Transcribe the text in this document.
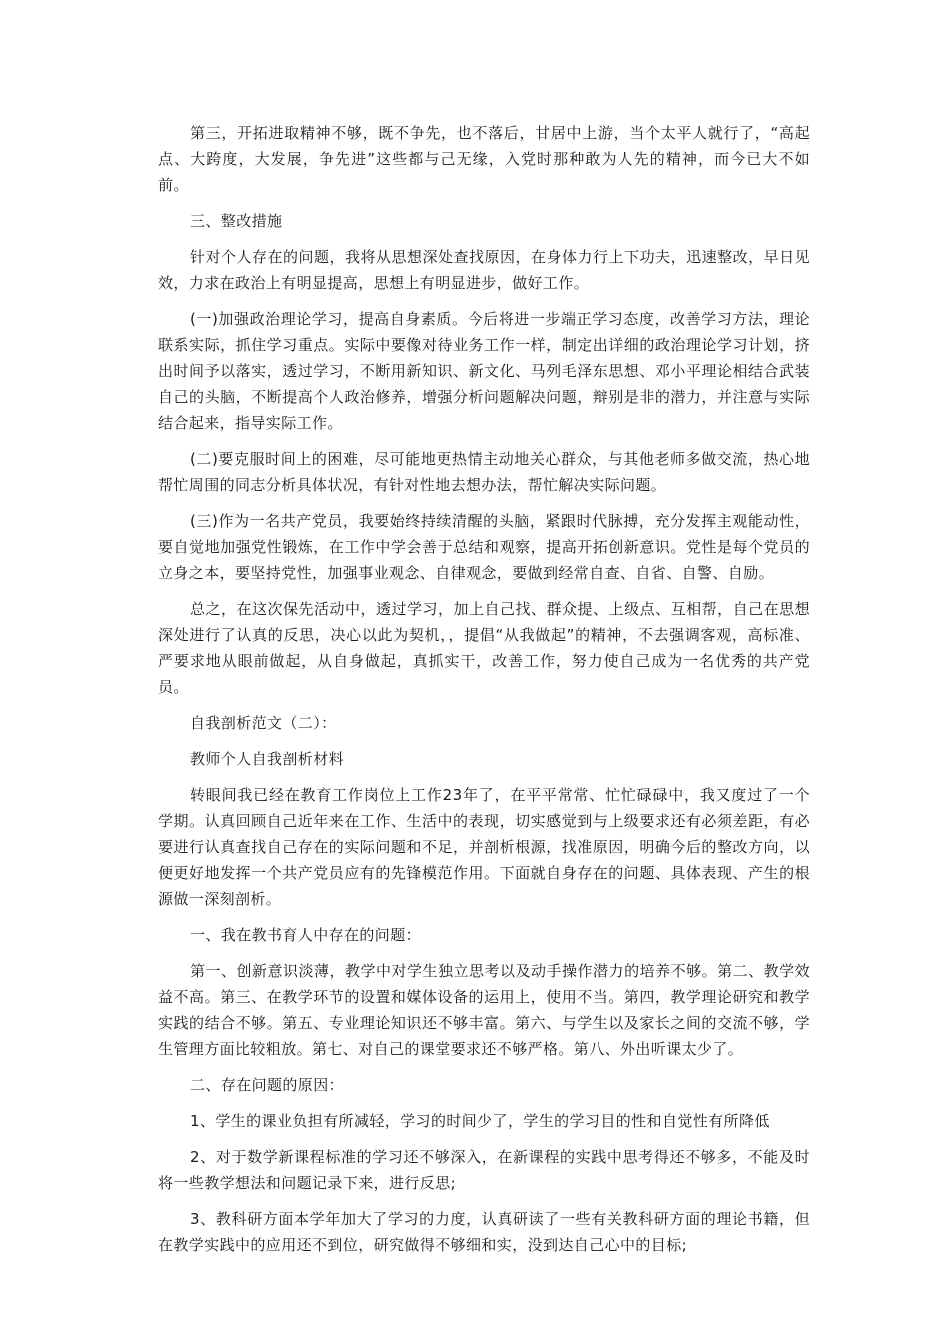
第三，开拓进取精神不够，既不争先，也不落后，甘居中上游，当个太平人就行了，“高起点、大跨度，大发展，争先进”这些都与己无缘，入党时那种敢为人先的精神，而今已大不如前。

三、整改措施

针对个人存在的问题，我将从思想深处查找原因，在身体力行上下功夫，迅速整改，早日见效，力求在政治上有明显提高，思想上有明显进步，做好工作。

(一)加强政治理论学习，提高自身素质。今后将进一步端正学习态度，改善学习方法，理论联系实际，抓住学习重点。实际中要像对待业务工作一样，制定出详细的政治理论学习计划，挤出时间予以落实，透过学习，不断用新知识、新文化、马列毛泽东思想、邓小平理论相结合武装自己的头脑，不断提高个人政治修养，增强分析问题解决问题，辩别是非的潜力，并注意与实际结合起来，指导实际工作。

(二)要克服时间上的困难，尽可能地更热情主动地关心群众，与其他老师多做交流，热心地帮忙周围的同志分析具体状况，有针对性地去想办法，帮忙解决实际问题。

(三)作为一名共产党员，我要始终持续清醒的头脑，紧跟时代脉搏，充分发挥主观能动性，要自觉地加强党性锻炼，在工作中学会善于总结和观察，提高开拓创新意识。党性是每个党员的立身之本，要坚持党性，加强事业观念、自律观念，要做到经常自查、自省、自警、自励。

总之，在这次保先活动中，透过学习，加上自己找、群众提、上级点、互相帮，自己在思想深处进行了认真的反思，决心以此为契机，，提倡“从我做起”的精神，不去强调客观，高标准、严要求地从眼前做起，从自身做起，真抓实干，改善工作，努力使自己成为一名优秀的共产党员。

自我剖析范文（二）：

教师个人自我剖析材料

转眼间我已经在教育工作岗位上工作23年了，在平平常常、忙忙碌碌中，我又度过了一个学期。认真回顾自己近年来在工作、生活中的表现，切实感觉到与上级要求还有必须差距，有必要进行认真查找自己存在的实际问题和不足，并剖析根源，找准原因，明确今后的整改方向，以便更好地发挥一个共产党员应有的先锋模范作用。下面就自身存在的问题、具体表现、产生的根源做一深刻剖析。

一、我在教书育人中存在的问题：

第一、创新意识淡薄，教学中对学生独立思考以及动手操作潜力的培养不够。第二、教学效益不高。第三、在教学环节的设置和媒体设备的运用上，使用不当。第四，教学理论研究和教学实践的结合不够。第五、专业理论知识还不够丰富。第六、与学生以及家长之间的交流不够，学生管理方面比较粗放。第七、对自己的课堂要求还不够严格。第八、外出听课太少了。

二、存在问题的原因：

1、学生的课业负担有所减轻，学习的时间少了，学生的学习目的性和自觉性有所降低

2、对于数学新课程标准的学习还不够深入，在新课程的实践中思考得还不够多，不能及时将一些教学想法和问题记录下来，进行反思;

3、教科研方面本学年加大了学习的力度，认真研读了一些有关教科研方面的理论书籍，但在教学实践中的应用还不到位，研究做得不够细和实，没到达自己心中的目标;
